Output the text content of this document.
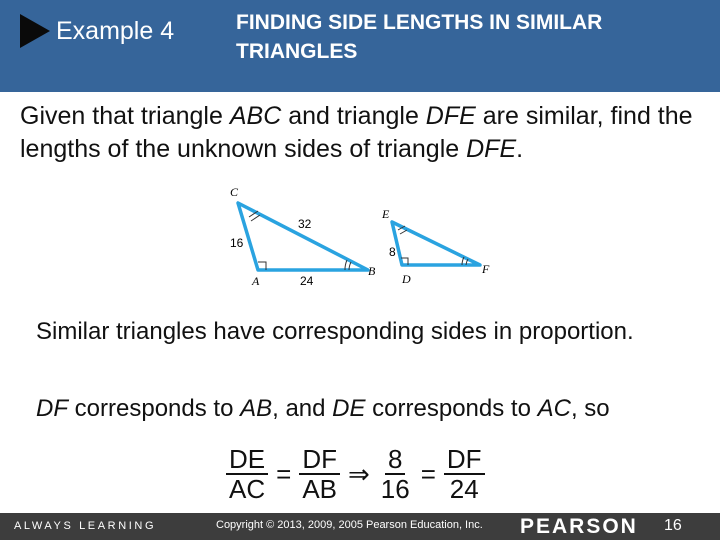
Example 4	FINDING SIDE LENGTHS IN SIMILAR TRIANGLES
Given that triangle ABC and triangle DFE are similar, find the lengths of the unknown sides of triangle DFE.
C
A
B
16
32
24
E
D
F
8
Similar triangles have corresponding sides in proportion.
DF corresponds to AB, and DE corresponds to AC, so
$\frac{DE}{AC} = \frac{DF}{AB}$ ⇒ $\frac{8}{16} = \frac{DF}{24}$
ALWAYS LEARNING	Copyright © 2013, 2009, 2005 Pearson Education, Inc. PEARSON 16
